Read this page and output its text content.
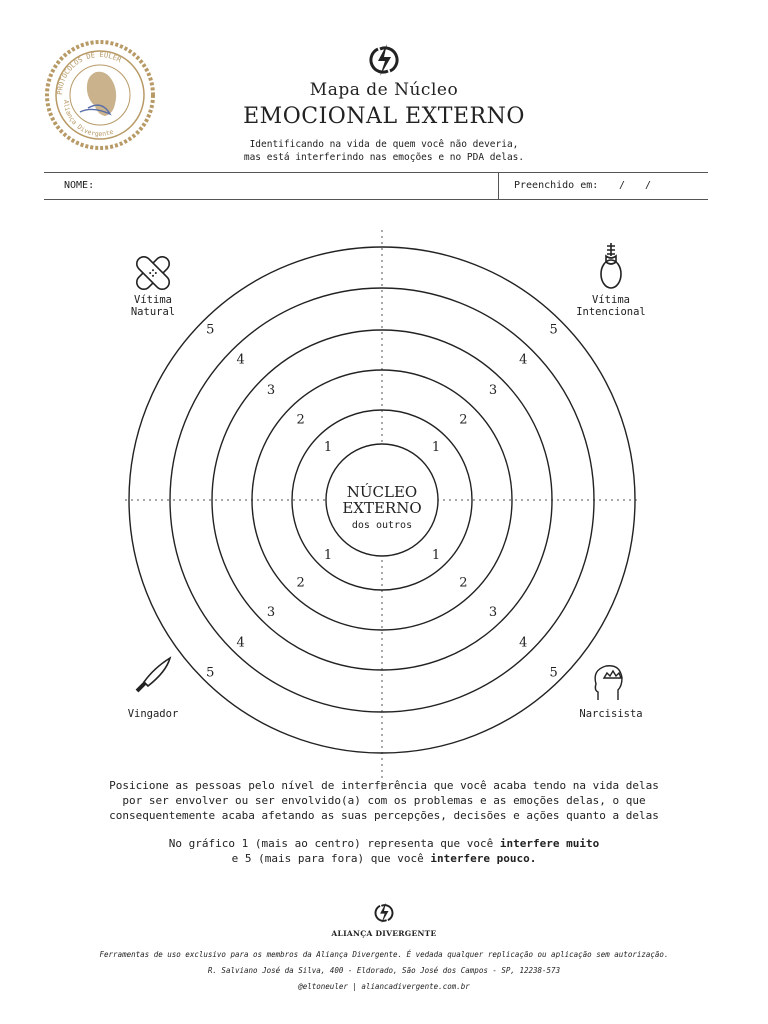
PROTOCOLOS DE EULER
Aliança Divergente
Mapa de Núcleo
EMOCIONAL EXTERNO
Identificando na vida de quem você não deveria,
mas está interferindo nas emoções e no PDA delas.
NOME:	Preenchido em: / /
NÚCLEO
EXTERNO
dos outros
1	1
1	1
2	2
2	2
3	3
3	3
4	4
4	4
5	5
5	5
Vítima
Natural
Vítima
Intencional
Vingador	Narcisista
Posicione as pessoas pelo nível de interferência que você acaba tendo na vida delas
por ser envolver ou ser envolvido(a) com os problemas e as emoções delas, o que
consequentemente acaba afetando as suas percepções, decisões e ações quanto a delas
No gráfico 1 (mais ao centro) representa que você interfere muito
e 5 (mais para fora) que você interfere pouco.
ALIANÇA DIVERGENTE
Ferramentas de uso exclusivo para os membros da Aliança Divergente. É vedada qualquer replicação ou aplicação sem autorização.
R. Salviano José da Silva, 400 - Eldorado, São José dos Campos - SP, 12238-573
@eltoneuler | aliancadivergente.com.br
